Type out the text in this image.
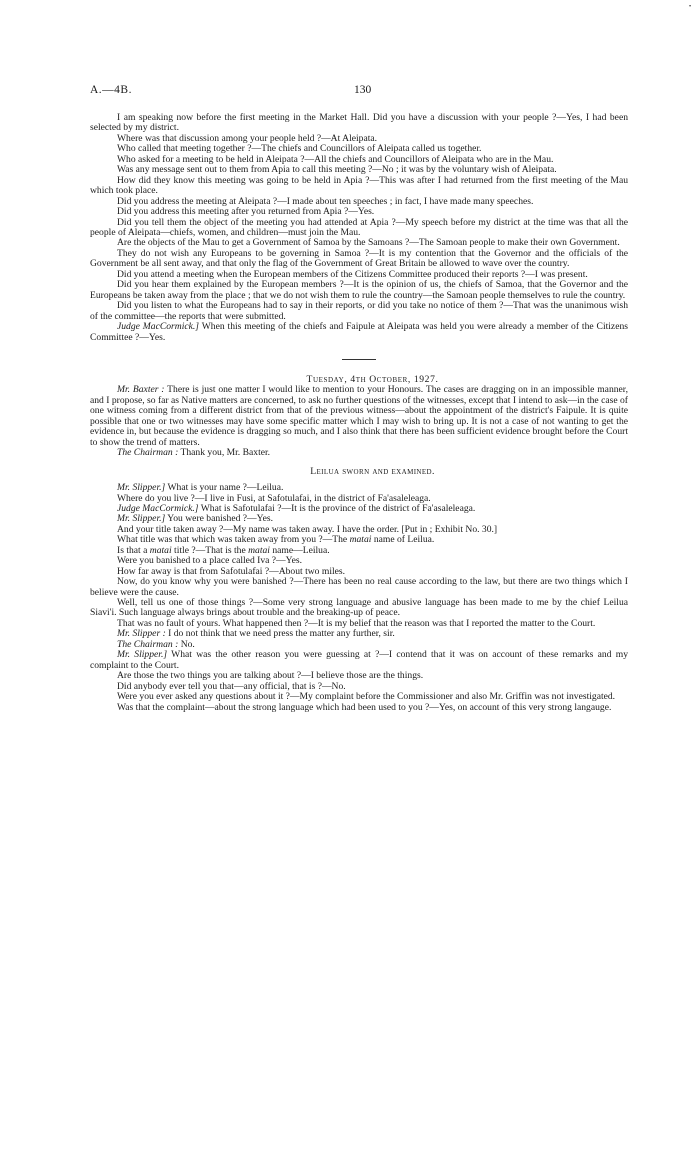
•
A.—4B.	130

I am speaking now before the first meeting in the Market Hall. Did you have a discussion with your people ?—Yes, I had been selected by my district.

Where was that discussion among your people held ?—At Aleipata.

Who called that meeting together ?—The chiefs and Councillors of Aleipata called us together.

Who asked for a meeting to be held in Aleipata ?—All the chiefs and Councillors of Aleipata who are in the Mau.

Was any message sent out to them from Apia to call this meeting ?—No ; it was by the voluntary wish of Aleipata.

How did they know this meeting was going to be held in Apia ?—This was after I had returned from the first meeting of the Mau which took place.

Did you address the meeting at Aleipata ?—I made about ten speeches ; in fact, I have made many speeches.

Did you address this meeting after you returned from Apia ?—Yes.

Did you tell them the object of the meeting you had attended at Apia ?—My speech before my district at the time was that all the people of Aleipata—chiefs, women, and children—must join the Mau.

Are the objects of the Mau to get a Government of Samoa by the Samoans ?—The Samoan people to make their own Government.

They do not wish any Europeans to be governing in Samoa ?—It is my contention that the Governor and the officials of the Government be all sent away, and that only the flag of the Government of Great Britain be allowed to wave over the country.

Did you attend a meeting when the European members of the Citizens Committee produced their reports ?—I was present.

Did you hear them explained by the European members ?—It is the opinion of us, the chiefs of Samoa, that the Governor and the Europeans be taken away from the place ; that we do not wish them to rule the country—the Samoan people themselves to rule the country.

Did you listen to what the Europeans had to say in their reports, or did you take no notice of them ?—That was the unanimous wish of the committee—the reports that were submitted.

Judge MacCormick.] When this meeting of the chiefs and Faipule at Aleipata was held you were already a member of the Citizens Committee ?—Yes.

Tuesday, 4th October, 1927.

Mr. Baxter : There is just one matter I would like to mention to your Honours. The cases are dragging on in an impossible manner, and I propose, so far as Native matters are concerned, to ask no further questions of the witnesses, except that I intend to ask—in the case of one witness coming from a different district from that of the previous witness—about the appointment of the district's Faipule. It is quite possible that one or two witnesses may have some specific matter which I may wish to bring up. It is not a case of not wanting to get the evidence in, but because the evidence is dragging so much, and I also think that there has been sufficient evidence brought before the Court to show the trend of matters.

The Chairman : Thank you, Mr. Baxter.

Leilua sworn and examined.

Mr. Slipper.] What is your name ?—Leilua.

Where do you live ?—I live in Fusi, at Safotulafai, in the district of Fa'asaleleaga.

Judge MacCormick.] What is Safotulafai ?—It is the province of the district of Fa'asaleleaga.

Mr. Slipper.] You were banished ?—Yes.

And your title taken away ?—My name was taken away. I have the order. [Put in ; Exhibit No. 30.]

What title was that which was taken away from you ?—The matai name of Leilua.

Is that a matai title ?—That is the matai name—Leilua.

Were you banished to a place called Iva ?—Yes.

How far away is that from Safotulafai ?—About two miles.

Now, do you know why you were banished ?—There has been no real cause according to the law, but there are two things which I believe were the cause.

Well, tell us one of those things ?—Some very strong language and abusive language has been made to me by the chief Leilua Siavi'i. Such language always brings about trouble and the breaking-up of peace.

That was no fault of yours. What happened then ?—It is my belief that the reason was that I reported the matter to the Court.

Mr. Slipper : I do not think that we need press the matter any further, sir.

The Chairman : No.

Mr. Slipper.] What was the other reason you were guessing at ?—I contend that it was on account of these remarks and my complaint to the Court.

Are those the two things you are talking about ?—I believe those are the things.

Did anybody ever tell you that—any official, that is ?—No.

Were you ever asked any questions about it ?—My complaint before the Commissioner and also Mr. Griffin was not investigated.

Was that the complaint—about the strong language which had been used to you ?—Yes, on account of this very strong langauge.
